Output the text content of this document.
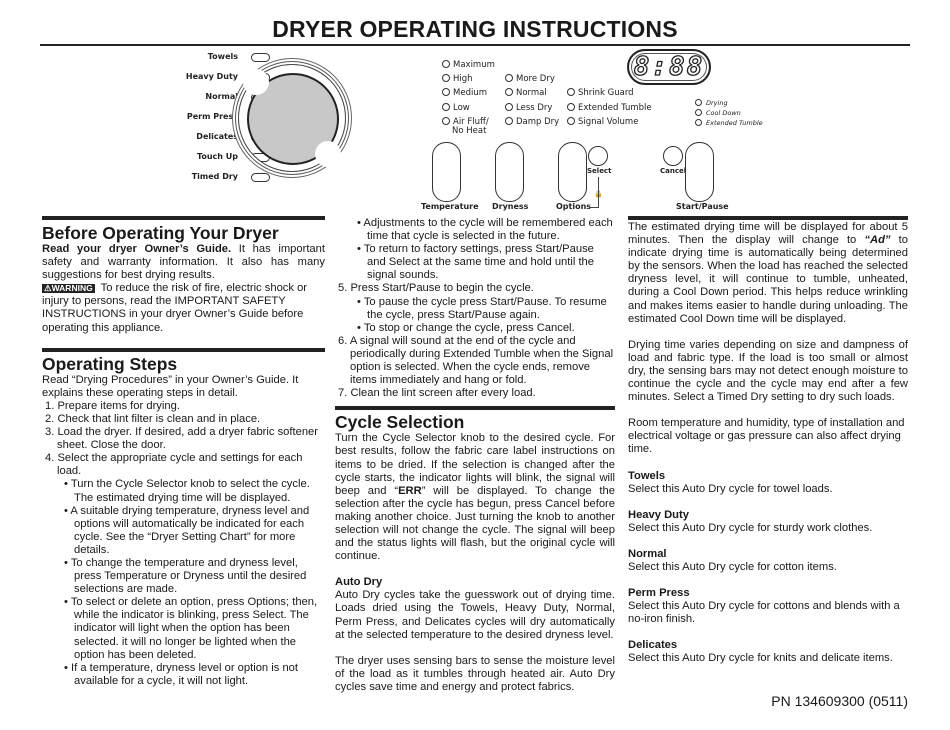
DRYER OPERATING INSTRUCTIONS
Towels
Heavy Duty
Normal
Perm Press
Delicates
Touch Up
Timed Dry
Maximum
High
Medium
Low
Air Fluff/
No Heat
More Dry
Normal
Less Dry
Damp Dry
Shrink Guard
Extended Tumble
Signal Volume
Drying
Cool Down
Extended Tumble
8:88
Temperature Dryness	Options
Select
🔒
Cancel
Start/Pause
Before Operating Your Dryer

Read your dryer Owner’s Guide. It has important safety and warranty information. It also has many suggestions for best drying results.

⚠WARNING To reduce the risk of fire, electric shock or injury to persons, read the IMPORTANT SAFETY INSTRUCTIONS in your dryer Owner’s Guide before operating this appliance.

Operating Steps

Read “Drying Procedures” in your Owner’s Guide. It explains these operating steps in detail.

1. Prepare items for drying.

2. Check that lint filter is clean and in place.

3. Load the dryer. If desired, add a dryer fabric softener sheet. Close the door.

4. Select the appropriate cycle and settings for each load.

• Turn the Cycle Selector knob to select the cycle. The estimated drying time will be displayed.

• A suitable drying temperature, dryness level and options will automatically be indicated for each cycle. See the “Dryer Setting Chart” for more details.

• To change the temperature and dryness level, press Temperature or Dryness until the desired selections are made.

• To select or delete an option, press Options; then, while the indicator is blinking, press Select. The indicator will light when the option has been selected. it will no longer be lighted when the option has been deleted.

• If a temperature, dryness level or option is not available for a cycle, it will not light.

• Adjustments to the cycle will be remembered each time that cycle is selected in the future.

• To return to factory settings, press Start/Pause and Select at the same time and hold until the signal sounds.

5. Press Start/Pause to begin the cycle.

• To pause the cycle press Start/Pause. To resume the cycle, press Start/Pause again.

• To stop or change the cycle, press Cancel.

6. A signal will sound at the end of the cycle and periodically during Extended Tumble when the Signal option is selected. When the cycle ends, remove items immediately and hang or fold.

7. Clean the lint screen after every load.

Cycle Selection

Turn the Cycle Selector knob to the desired cycle. For best results, follow the fabric care label instructions on items to be dried. If the selection is changed after the cycle starts, the indicator lights will blink, the signal will beep and “ERR” will be displayed. To change the selection after the cycle has begun, press Cancel before making another choice. Just turning the knob to another selection will not change the cycle. The signal will beep and the status lights will flash, but the original cycle will continue.

Auto Dry

Auto Dry cycles take the guesswork out of drying time. Loads dried using the Towels, Heavy Duty, Normal, Perm Press, and Delicates cycles will dry automatically at the selected temperature to the desired dryness level.

The dryer uses sensing bars to sense the moisture level of the load as it tumbles through heated air. Auto Dry cycles save time and energy and protect fabrics.

The estimated drying time will be displayed for about 5 minutes. Then the display will change to “Ad” to indicate drying time is automatically being determined by the sensors. When the load has reached the selected dryness level, it will continue to tumble, unheated, during a Cool Down period. This helps reduce wrinkling and makes items easier to handle during unloading. The estimated Cool Down time will be displayed.

Drying time varies depending on size and dampness of load and fabric type. If the load is too small or almost dry, the sensing bars may not detect enough moisture to continue the cycle and the cycle may end after a few minutes. Select a Timed Dry setting to dry such loads.

Room temperature and humidity, type of installation and electrical voltage or gas pressure can also affect drying time.

Towels

Select this Auto Dry cycle for towel loads.

Heavy Duty

Select this Auto Dry cycle for sturdy work clothes.

Normal

Select this Auto Dry cycle for cotton items.

Perm Press

Select this Auto Dry cycle for cottons and blends with a no-iron finish.

Delicates

Select this Auto Dry cycle for knits and delicate items.

PN 134609300 (0511)
